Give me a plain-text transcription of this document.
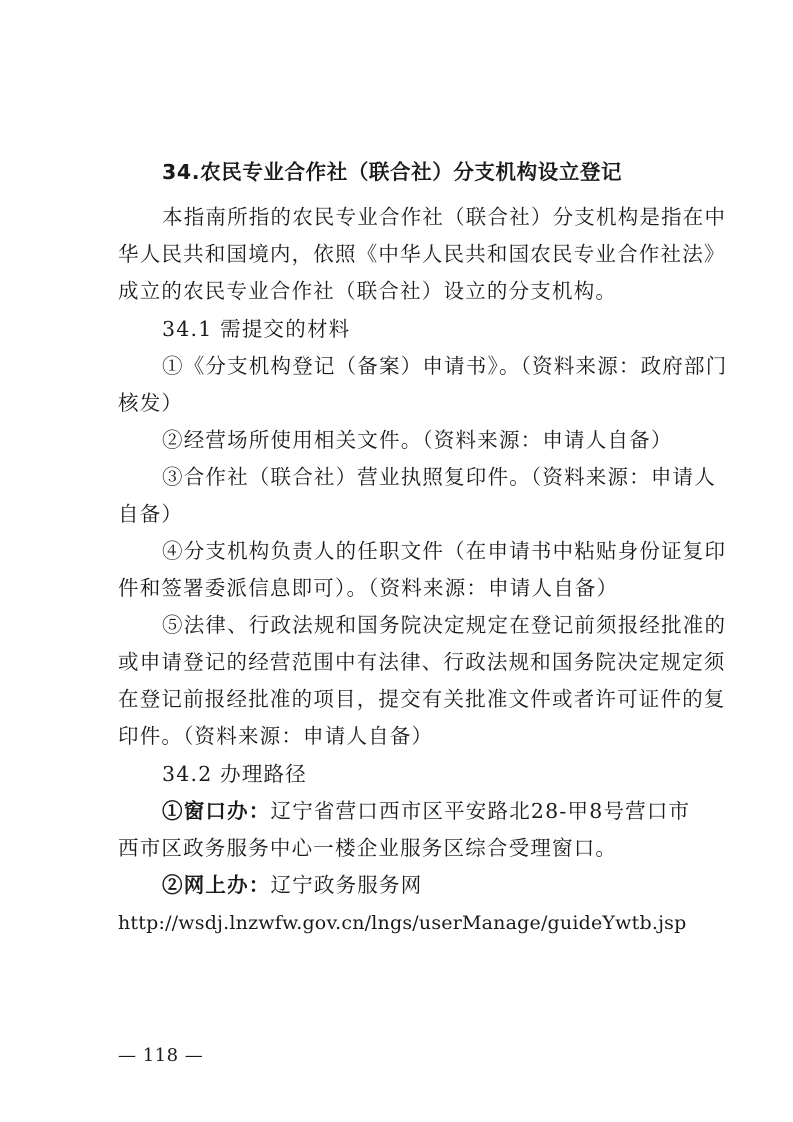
34.农民专业合作社（联合社）分支机构设立登记
本指南所指的农民专业合作社（联合社）分支机构是指在中
华人民共和国境内，依照《中华人民共和国农民专业合作社法》
成立的农民专业合作社（联合社）设立的分支机构。
34.1 需提交的材料
①《分支机构登记（备案）申请书》。（资料来源：政府部门
核发）
②经营场所使用相关文件。（资料来源：申请人自备）
③合作社（联合社）营业执照复印件。（资料来源：申请人
自备）
④分支机构负责人的任职文件（在申请书中粘贴身份证复印
件和签署委派信息即可）。（资料来源：申请人自备）
⑤法律、行政法规和国务院决定规定在登记前须报经批准的
或申请登记的经营范围中有法律、行政法规和国务院决定规定须
在登记前报经批准的项目，提交有关批准文件或者许可证件的复
印件。（资料来源：申请人自备）
34.2 办理路径
①窗口办：辽宁省营口西市区平安路北28-甲8号营口市
西市区政务服务中心一楼企业服务区综合受理窗口。
②网上办：辽宁政务服务网
http://wsdj.lnzwfw.gov.cn/lngs/userManage/guideYwtb.jsp
— 118 —
